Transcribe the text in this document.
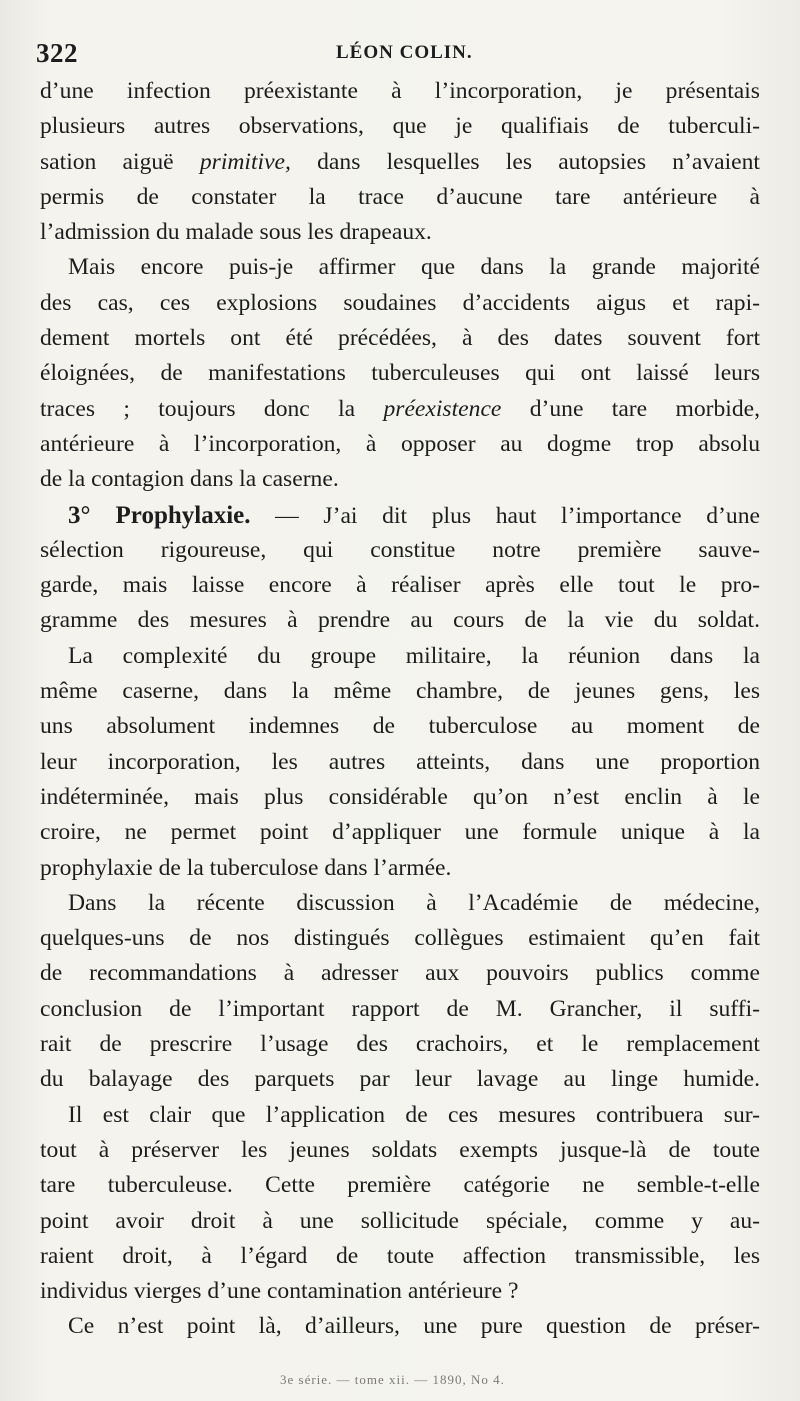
322	LÉON COLIN.
d’une infection préexistante à l’incorporation, je présentais
plusieurs autres observations, que je qualifiais de tuberculi-
sation aiguë primitive, dans lesquelles les autopsies n’avaient
permis de constater la trace d’aucune tare antérieure à
l’admission du malade sous les drapeaux.
Mais encore puis-je affirmer que dans la grande majorité
des cas, ces explosions soudaines d’accidents aigus et rapi-
dement mortels ont été précédées, à des dates souvent fort
éloignées, de manifestations tuberculeuses qui ont laissé leurs
traces ; toujours donc la préexistence d’une tare morbide,
antérieure à l’incorporation, à opposer au dogme trop absolu
de la contagion dans la caserne.
3° Prophylaxie. — J’ai dit plus haut l’importance d’une
sélection rigoureuse, qui constitue notre première sauve-
garde, mais laisse encore à réaliser après elle tout le pro-
gramme des mesures à prendre au cours de la vie du soldat.
La complexité du groupe militaire, la réunion dans la
même caserne, dans la même chambre, de jeunes gens, les
uns absolument indemnes de tuberculose au moment de
leur incorporation, les autres atteints, dans une proportion
indéterminée, mais plus considérable qu’on n’est enclin à le
croire, ne permet point d’appliquer une formule unique à la
prophylaxie de la tuberculose dans l’armée.
Dans la récente discussion à l’Académie de médecine,
quelques-uns de nos distingués collègues estimaient qu’en fait
de recommandations à adresser aux pouvoirs publics comme
conclusion de l’important rapport de M. Grancher, il suffi-
rait de prescrire l’usage des crachoirs, et le remplacement
du balayage des parquets par leur lavage au linge humide.
Il est clair que l’application de ces mesures contribuera sur-
tout à préserver les jeunes soldats exempts jusque-là de toute
tare tuberculeuse. Cette première catégorie ne semble-t-elle
point avoir droit à une sollicitude spéciale, comme y au-
raient droit, à l’égard de toute affection transmissible, les
individus vierges d’une contamination antérieure ?
Ce n’est point là, d’ailleurs, une pure question de préser-
3e série. — tome xii. — 1890, No 4.
